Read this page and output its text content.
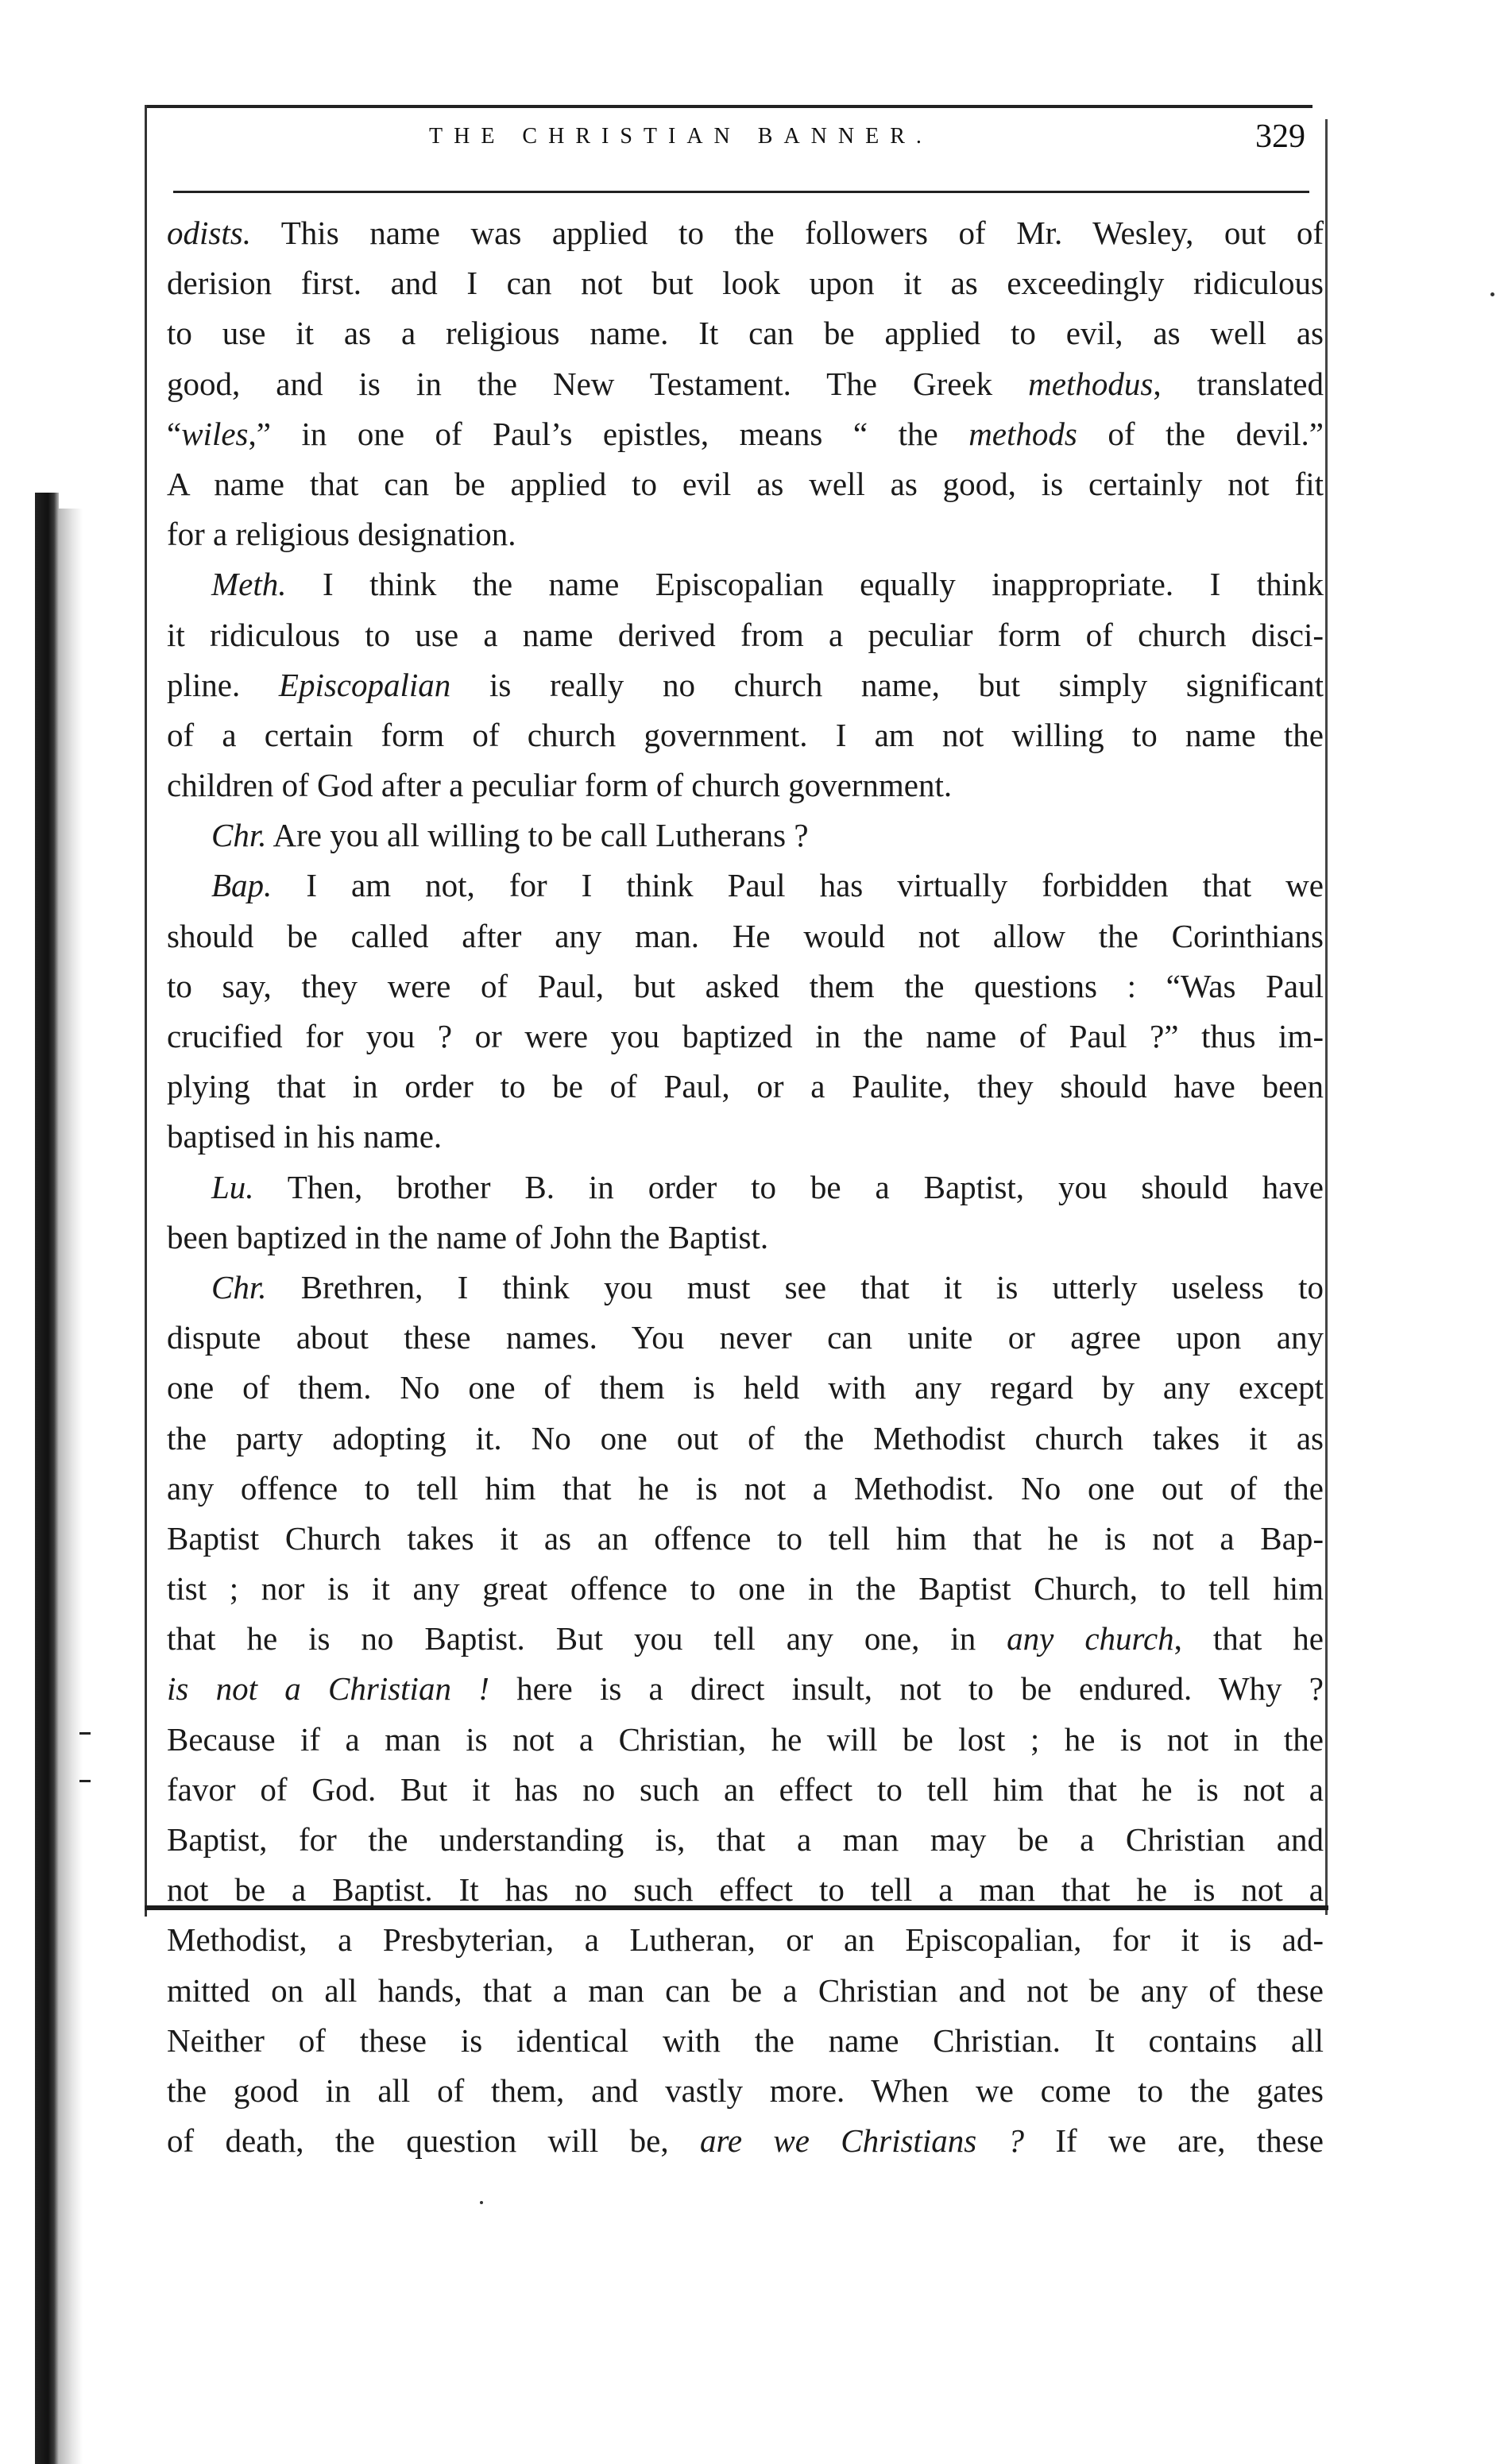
THE CHRISTIAN BANNER.	329
odists. This name was applied to the followers of Mr. Wesley, out of
derision first. and I can not but look upon it as exceedingly ridiculous
to use it as a religious name. It can be applied to evil, as well as
good, and is in the New Testament. The Greek methodus, translated
“wiles,” in one of Paul’s epistles, means “ the methods of the devil.”
A name that can be applied to evil as well as good, is certainly not fit
for a religious designation.
Meth. I think the name Episcopalian equally inappropriate. I think
it ridiculous to use a name derived from a peculiar form of church disci-
pline. Episcopalian is really no church name, but simply significant
of a certain form of church government. I am not willing to name the
children of God after a peculiar form of church government.
Chr. Are you all willing to be call Lutherans ?
Bap. I am not, for I think Paul has virtually forbidden that we
should be called after any man. He would not allow the Corinthians
to say, they were of Paul, but asked them the questions : “Was Paul
crucified for you ? or were you baptized in the name of Paul ?” thus im-
plying that in order to be of Paul, or a Paulite, they should have been
baptised in his name.
Lu. Then, brother B. in order to be a Baptist, you should have
been baptized in the name of John the Baptist.
Chr. Brethren, I think you must see that it is utterly useless to
dispute about these names. You never can unite or agree upon any
one of them. No one of them is held with any regard by any except
the party adopting it. No one out of the Methodist church takes it as
any offence to tell him that he is not a Methodist. No one out of the
Baptist Church takes it as an offence to tell him that he is not a Bap-
tist ; nor is it any great offence to one in the Baptist Church, to tell him
that he is no Baptist. But you tell any one, in any church, that he
is not a Christian ! here is a direct insult, not to be endured. Why ?
Because if a man is not a Christian, he will be lost ; he is not in the
favor of God. But it has no such an effect to tell him that he is not a
Baptist, for the understanding is, that a man may be a Christian and
not be a Baptist. It has no such effect to tell a man that he is not a
Methodist, a Presbyterian, a Lutheran, or an Episcopalian, for it is ad-
mitted on all hands, that a man can be a Christian and not be any of these
Neither of these is identical with the name Christian. It contains all
the good in all of them, and vastly more. When we come to the gates
of death, the question will be, are we Christians ? If we are, these
